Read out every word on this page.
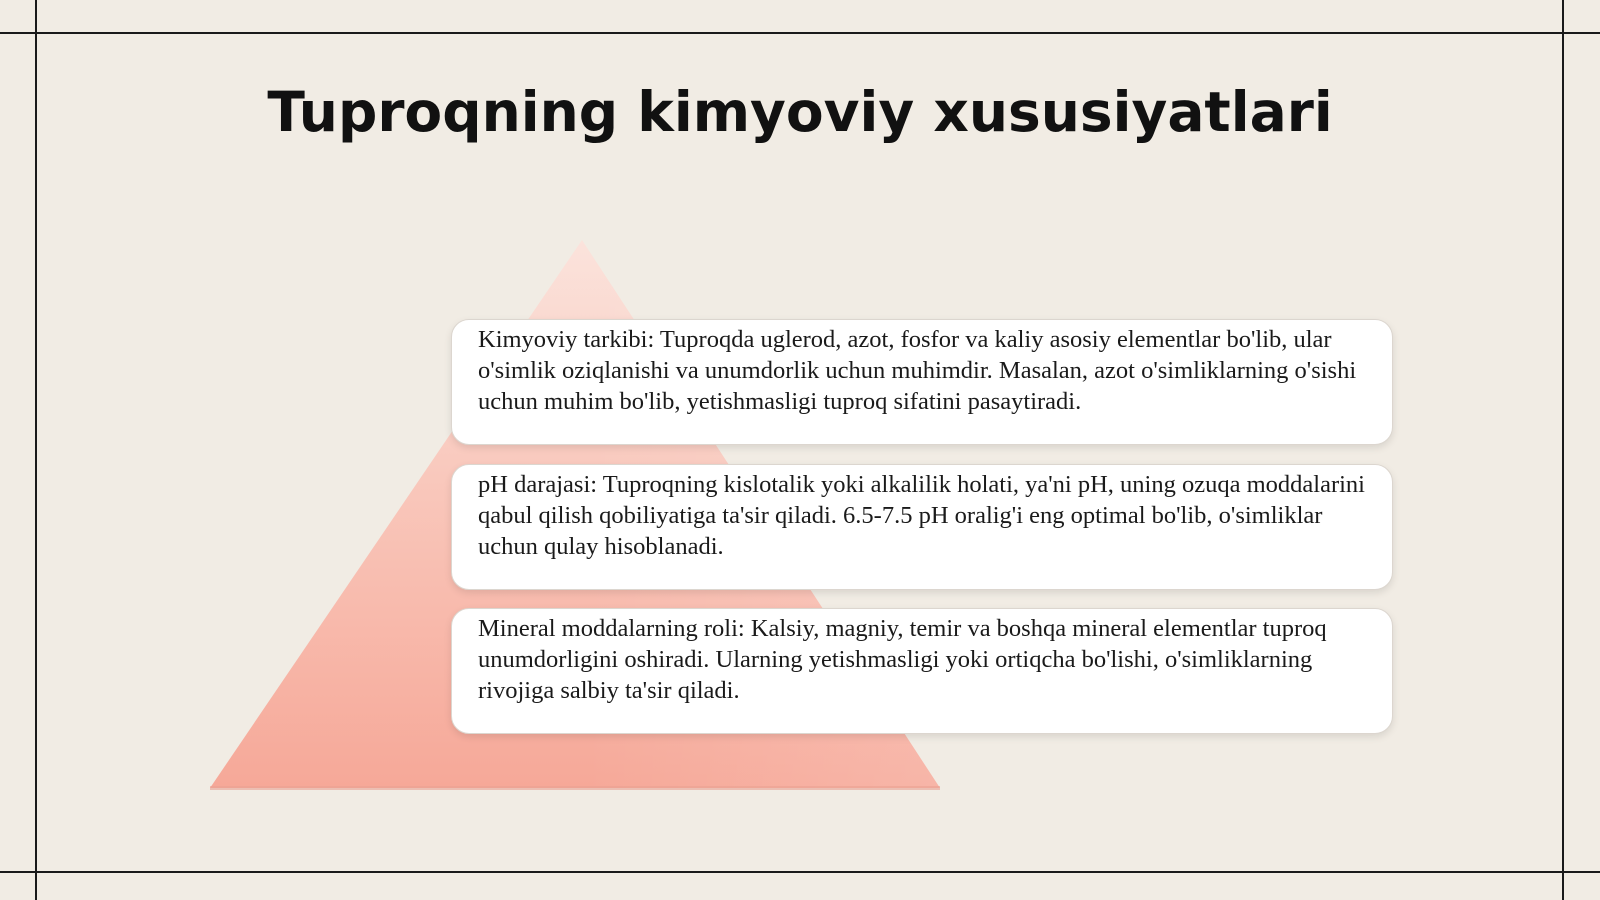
Tuproqning kimyoviy xususiyatlari
Kimyoviy tarkibi: Tuproqda uglerod, azot, fosfor va kaliy asosiy elementlar bo'lib, ular o'simlik oziqlanishi va unumdorlik uchun muhimdir. Masalan, azot o'simliklarning o'sishi uchun muhim bo'lib, yetishmasligi tuproq sifatini pasaytiradi.
pH darajasi: Tuproqning kislotalik yoki alkalilik holati, ya'ni pH, uning ozuqa moddalarini qabul qilish qobiliyatiga ta'sir qiladi. 6.5-7.5 pH oralig'i eng optimal bo'lib, o'simliklar uchun qulay hisoblanadi.
Mineral moddalarning roli: Kalsiy, magniy, temir va boshqa mineral elementlar tuproq unumdorligini oshiradi. Ularning yetishmasligi yoki ortiqcha bo'lishi, o'simliklarning rivojiga salbiy ta'sir qiladi.
